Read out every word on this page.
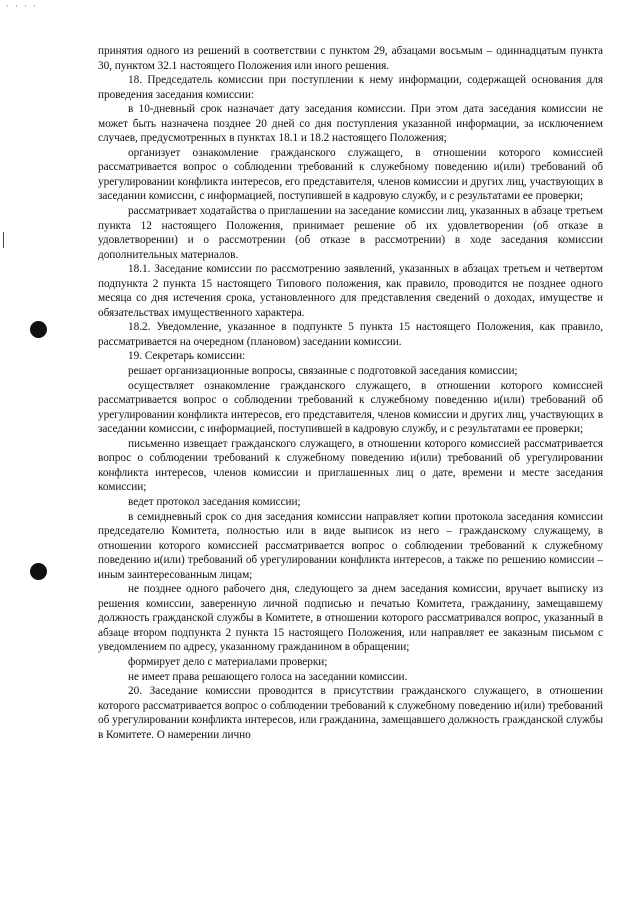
· · · ·

принятия одного из решений в соответствии с пунктом 29, абзацами восьмым – одиннадцатым пункта 30, пунктом 32.1 настоящего Положения или иного решения.

18. Председатель комиссии при поступлении к нему информации, содержащей основания для проведения заседания комиссии:

в 10-дневный срок назначает дату заседания комиссии. При этом дата заседания комиссии не может быть назначена позднее 20 дней со дня поступления указанной информации, за исключением случаев, предусмотренных в пунктах 18.1 и 18.2 настоящего Положения;

организует ознакомление гражданского служащего, в отношении которого комиссией рассматривается вопрос о соблюдении требований к служебному поведению и(или) требований об урегулировании конфликта интересов, его представителя, членов комиссии и других лиц, участвующих в заседании комиссии, с информацией, поступившей в кадровую службу, и с результатами ее проверки;

рассматривает ходатайства о приглашении на заседание комиссии лиц, указанных в абзаце третьем пункта 12 настоящего Положения, принимает решение об их удовлетворении (об отказе в удовлетворении) и о рассмотрении (об отказе в рассмотрении) в ходе заседания комиссии дополнительных материалов.

18.1. Заседание комиссии по рассмотрению заявлений, указанных в абзацах третьем и четвертом подпункта 2 пункта 15 настоящего Типового положения, как правило, проводится не позднее одного месяца со дня истечения срока, установленного для представления сведений о доходах, имуществе и обязательствах имущественного характера.

18.2. Уведомление, указанное в подпункте 5 пункта 15 настоящего Положения, как правило, рассматривается на очередном (плановом) заседании комиссии.

19. Секретарь комиссии:

решает организационные вопросы, связанные с подготовкой заседания комиссии;

осуществляет ознакомление гражданского служащего, в отношении которого комиссией рассматривается вопрос о соблюдении требований к служебному поведению и(или) требований об урегулировании конфликта интересов, его представителя, членов комиссии и других лиц, участвующих в заседании комиссии, с информацией, поступившей в кадровую службу, и с результатами ее проверки;

письменно извещает гражданского служащего, в отношении которого комиссией рассматривается вопрос о соблюдении требований к служебному поведению и(или) требований об урегулировании конфликта интересов, членов комиссии и приглашенных лиц о дате, времени и месте заседания комиссии;

ведет протокол заседания комиссии;

в семидневный срок со дня заседания комиссии направляет копии протокола заседания комиссии председателю Комитета, полностью или в виде выписок из него – гражданскому служащему, в отношении которого комиссией рассматривается вопрос о соблюдении требований к служебному поведению и(или) требований об урегулировании конфликта интересов, а также по решению комиссии – иным заинтересованным лицам;

не позднее одного рабочего дня, следующего за днем заседания комиссии, вручает выписку из решения комиссии, заверенную личной подписью и печатью Комитета, гражданину, замещавшему должность гражданской службы в Комитете, в отношении которого рассматривался вопрос, указанный в абзаце втором подпункта 2 пункта 15 настоящего Положения, или направляет ее заказным письмом с уведомлением по адресу, указанному гражданином в обращении;

формирует дело с материалами проверки;

не имеет права решающего голоса на заседании комиссии.

20. Заседание комиссии проводится в присутствии гражданского служащего, в отношении которого рассматривается вопрос о соблюдении требований к служебному поведению и(или) требований об урегулировании конфликта интересов, или гражданина, замещавшего должность гражданской службы в Комитете. О намерении лично
